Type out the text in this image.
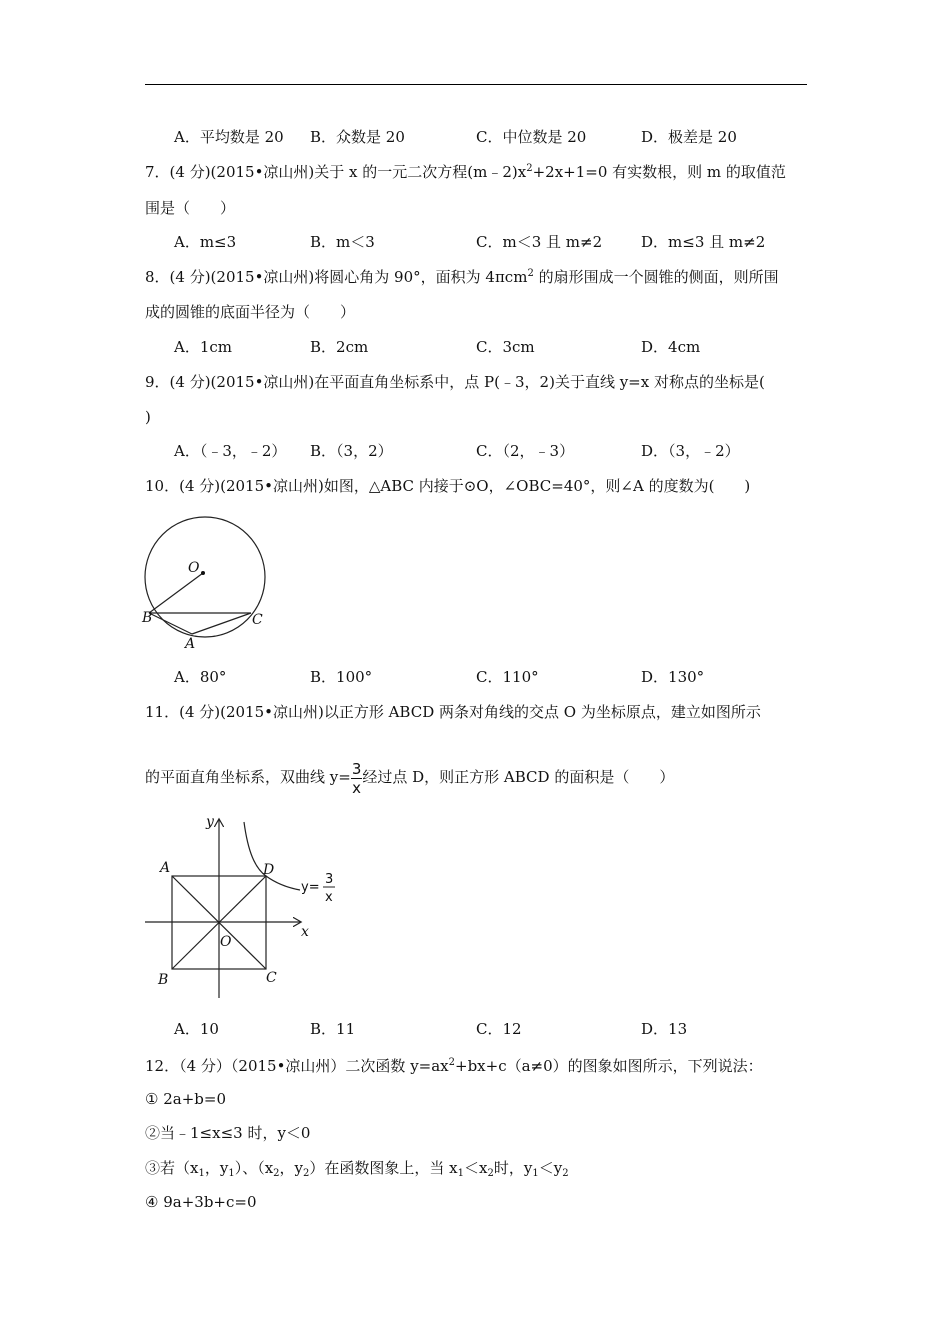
A．平均数是 20 B．众数是 20	C．中位数是 20	D．极差是 20
7．(4 分)(2015•凉山州)关于 x 的一元二次方程$(m﹣2)x^2+2x+1=0$ 有实数根，则 m 的取值范
围是（　　）
A．m≤3	B．m＜3	C．m＜3 且 m≠2	D．m≤3 且 m≠2
8．(4 分)(2015•凉山州)将圆心角为 90°，面积为 4πcm$^2$ 的扇形围成一个圆锥的侧面，则所围
成的圆锥的底面半径为（　　）
A．1cm	B．2cm	C．3cm	D．4cm
9．(4 分)(2015•凉山州)在平面直角坐标系中，点 P(﹣3，2)关于直线 y=x 对称点的坐标是(
)
A．（﹣3，﹣2） B．（3，2）	C．（2，﹣3）	D．（3，﹣2）
10．(4 分)(2015•凉山州)如图，△ABC 内接于⊙O，∠OBC=40°，则∠A 的度数为(　　)
O
B	C
A
A．80°	B．100°	C．110°	D．130°
11．(4 分)(2015•凉山州)以正方形 ABCD 两条对角线的交点 O 为坐标原点，建立如图所示
的平面直角坐标系，双曲线 $y= \frac{3}{x}$ 经过点 D，则正方形 ABCD 的面积是（　　）
y
x
A	D
O
B	C
y=
3
x
A．10	B．11	C．12	D．13
12．（4 分）（2015•凉山州）二次函数 $y=ax^2+bx+c(a\ne 0)$的图象如图所示，下列说法：
① 2a+b=0
②当﹣1≤x≤3 时，y＜0
③若（$x_1$，$y_1$）、（$x_2$，$y_2$）在函数图象上，当 $x_1<x_2$时，$y_1<y_2$
④ 9a+3b+c=0
